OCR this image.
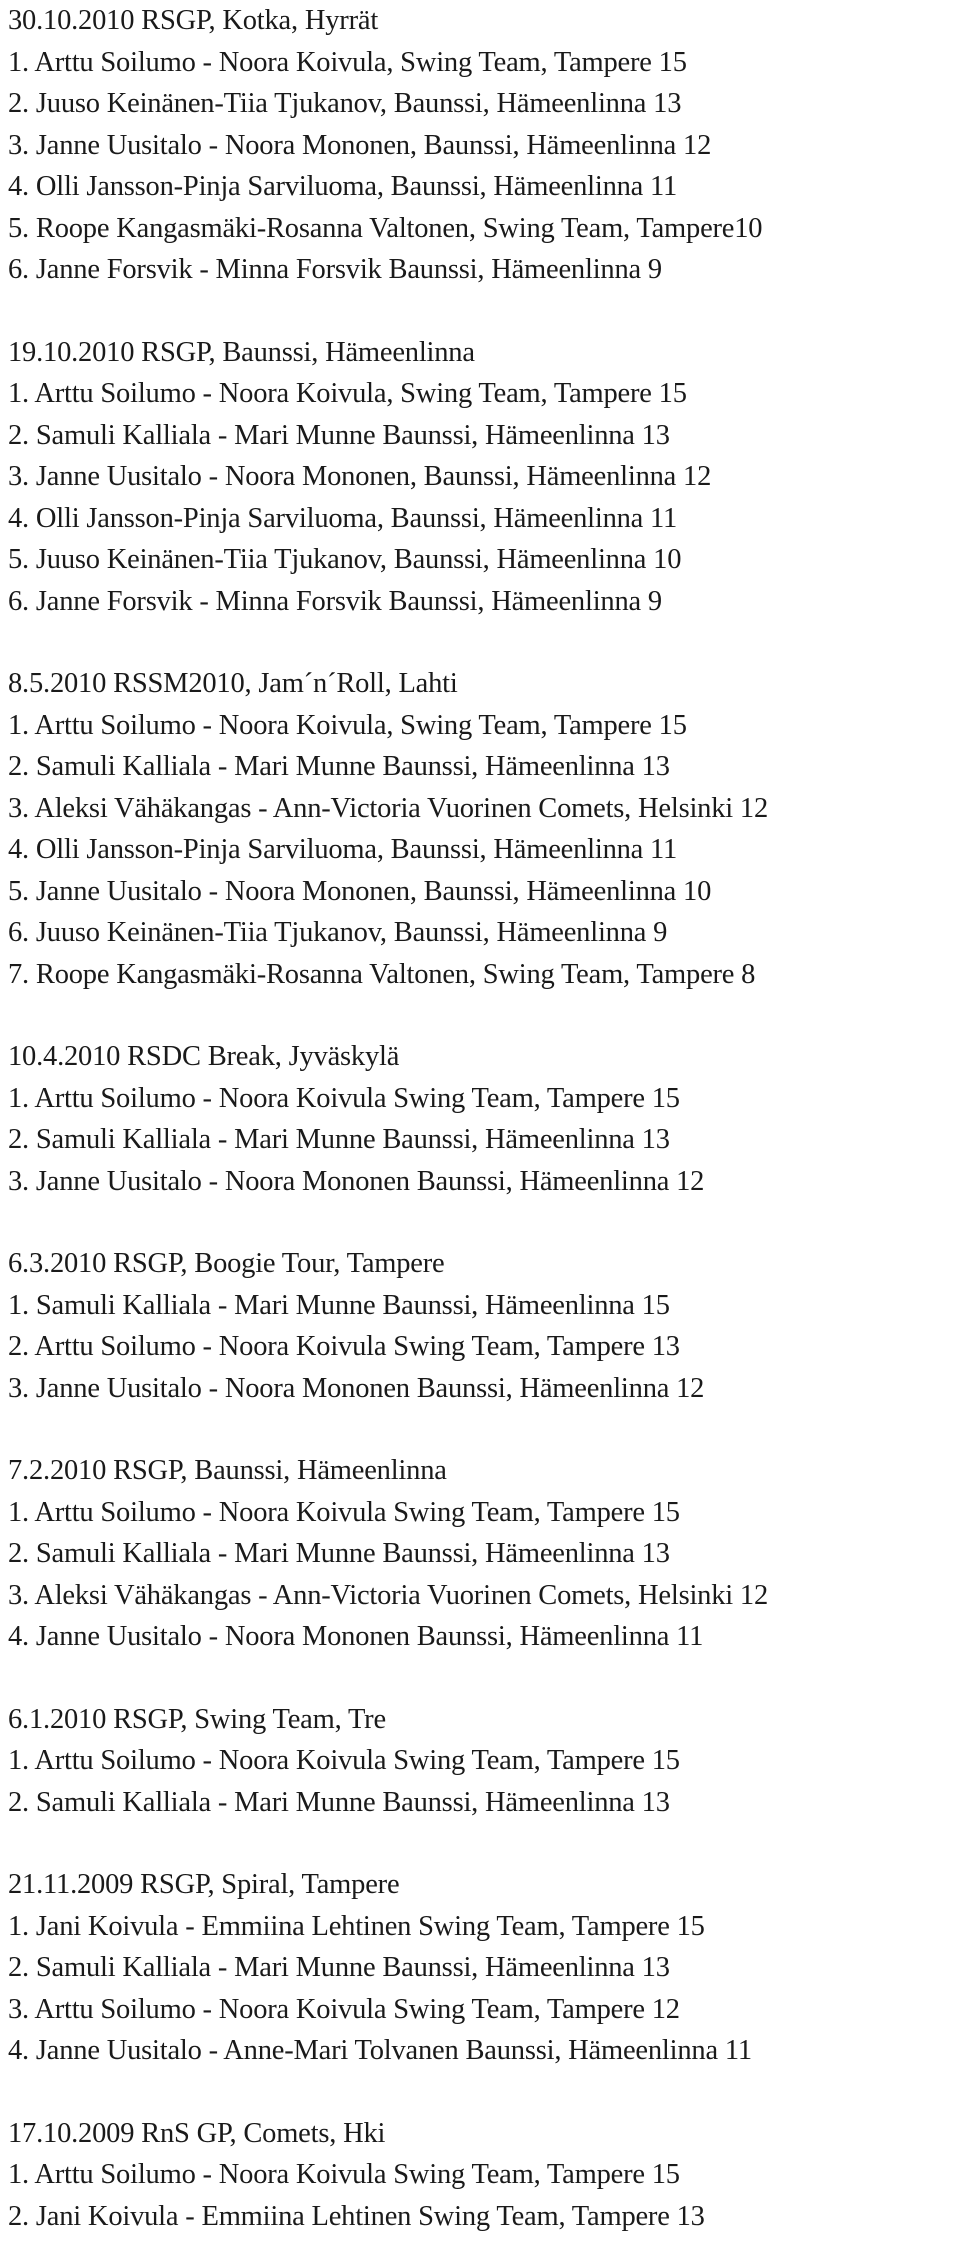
30.10.2010 RSGP, Kotka, Hyrrät

1. Arttu Soilumo - Noora Koivula, Swing Team, Tampere 15

2. Juuso Keinänen-Tiia Tjukanov, Baunssi, Hämeenlinna 13

3. Janne Uusitalo - Noora Mononen, Baunssi, Hämeenlinna 12

4. Olli Jansson-Pinja Sarviluoma, Baunssi, Hämeenlinna 11

5. Roope Kangasmäki-Rosanna Valtonen, Swing Team, Tampere10

6. Janne Forsvik - Minna Forsvik Baunssi, Hämeenlinna 9

19.10.2010 RSGP, Baunssi, Hämeenlinna

1. Arttu Soilumo - Noora Koivula, Swing Team, Tampere 15

2. Samuli Kalliala - Mari Munne Baunssi, Hämeenlinna 13

3. Janne Uusitalo - Noora Mononen, Baunssi, Hämeenlinna 12

4. Olli Jansson-Pinja Sarviluoma, Baunssi, Hämeenlinna 11

5. Juuso Keinänen-Tiia Tjukanov, Baunssi, Hämeenlinna 10

6. Janne Forsvik - Minna Forsvik Baunssi, Hämeenlinna 9

8.5.2010 RSSM2010, Jam´n´Roll, Lahti

1. Arttu Soilumo - Noora Koivula, Swing Team, Tampere 15

2. Samuli Kalliala - Mari Munne Baunssi, Hämeenlinna 13

3. Aleksi Vähäkangas - Ann-Victoria Vuorinen Comets, Helsinki 12

4. Olli Jansson-Pinja Sarviluoma, Baunssi, Hämeenlinna 11

5. Janne Uusitalo - Noora Mononen, Baunssi, Hämeenlinna 10

6. Juuso Keinänen-Tiia Tjukanov, Baunssi, Hämeenlinna 9

7. Roope Kangasmäki-Rosanna Valtonen, Swing Team, Tampere 8

10.4.2010 RSDC Break, Jyväskylä

1. Arttu Soilumo - Noora Koivula Swing Team, Tampere 15

2. Samuli Kalliala - Mari Munne Baunssi, Hämeenlinna 13

3. Janne Uusitalo - Noora Mononen Baunssi, Hämeenlinna 12

6.3.2010 RSGP, Boogie Tour, Tampere

1. Samuli Kalliala - Mari Munne Baunssi, Hämeenlinna 15

2. Arttu Soilumo - Noora Koivula Swing Team, Tampere 13

3. Janne Uusitalo - Noora Mononen Baunssi, Hämeenlinna 12

7.2.2010 RSGP, Baunssi, Hämeenlinna

1. Arttu Soilumo - Noora Koivula Swing Team, Tampere 15

2. Samuli Kalliala - Mari Munne Baunssi, Hämeenlinna 13

3. Aleksi Vähäkangas - Ann-Victoria Vuorinen Comets, Helsinki 12

4. Janne Uusitalo - Noora Mononen Baunssi, Hämeenlinna 11

6.1.2010 RSGP, Swing Team, Tre

1. Arttu Soilumo - Noora Koivula Swing Team, Tampere 15

2. Samuli Kalliala - Mari Munne Baunssi, Hämeenlinna 13

21.11.2009 RSGP, Spiral, Tampere

1. Jani Koivula - Emmiina Lehtinen Swing Team, Tampere 15

2. Samuli Kalliala - Mari Munne Baunssi, Hämeenlinna 13

3. Arttu Soilumo - Noora Koivula Swing Team, Tampere 12

4. Janne Uusitalo - Anne-Mari Tolvanen Baunssi, Hämeenlinna 11

17.10.2009 RnS GP, Comets, Hki

1. Arttu Soilumo - Noora Koivula Swing Team, Tampere 15

2. Jani Koivula - Emmiina Lehtinen Swing Team, Tampere 13
